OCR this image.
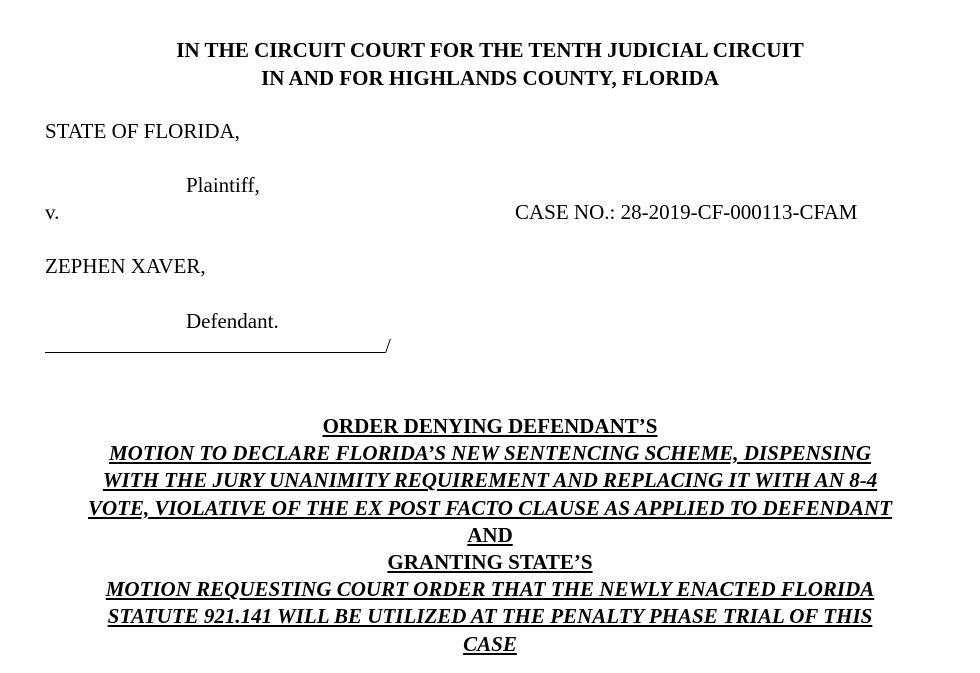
IN THE CIRCUIT COURT FOR THE TENTH JUDICIAL CIRCUIT
IN AND FOR HIGHLANDS COUNTY, FLORIDA
STATE OF FLORIDA,
Plaintiff,
v.	CASE NO.: 28-2019-CF-000113-CFAM
ZEPHEN XAVER,
Defendant.
/
ORDER DENYING DEFENDANT’S
MOTION TO DECLARE FLORIDA’S NEW SENTENCING SCHEME, DISPENSING
WITH THE JURY UNANIMITY REQUIREMENT AND REPLACING IT WITH AN 8-4
VOTE, VIOLATIVE OF THE EX POST FACTO CLAUSE AS APPLIED TO DEFENDANT
AND
GRANTING STATE’S
MOTION REQUESTING COURT ORDER THAT THE NEWLY ENACTED FLORIDA
STATUTE 921.141 WILL BE UTILIZED AT THE PENALTY PHASE TRIAL OF THIS
CASE
